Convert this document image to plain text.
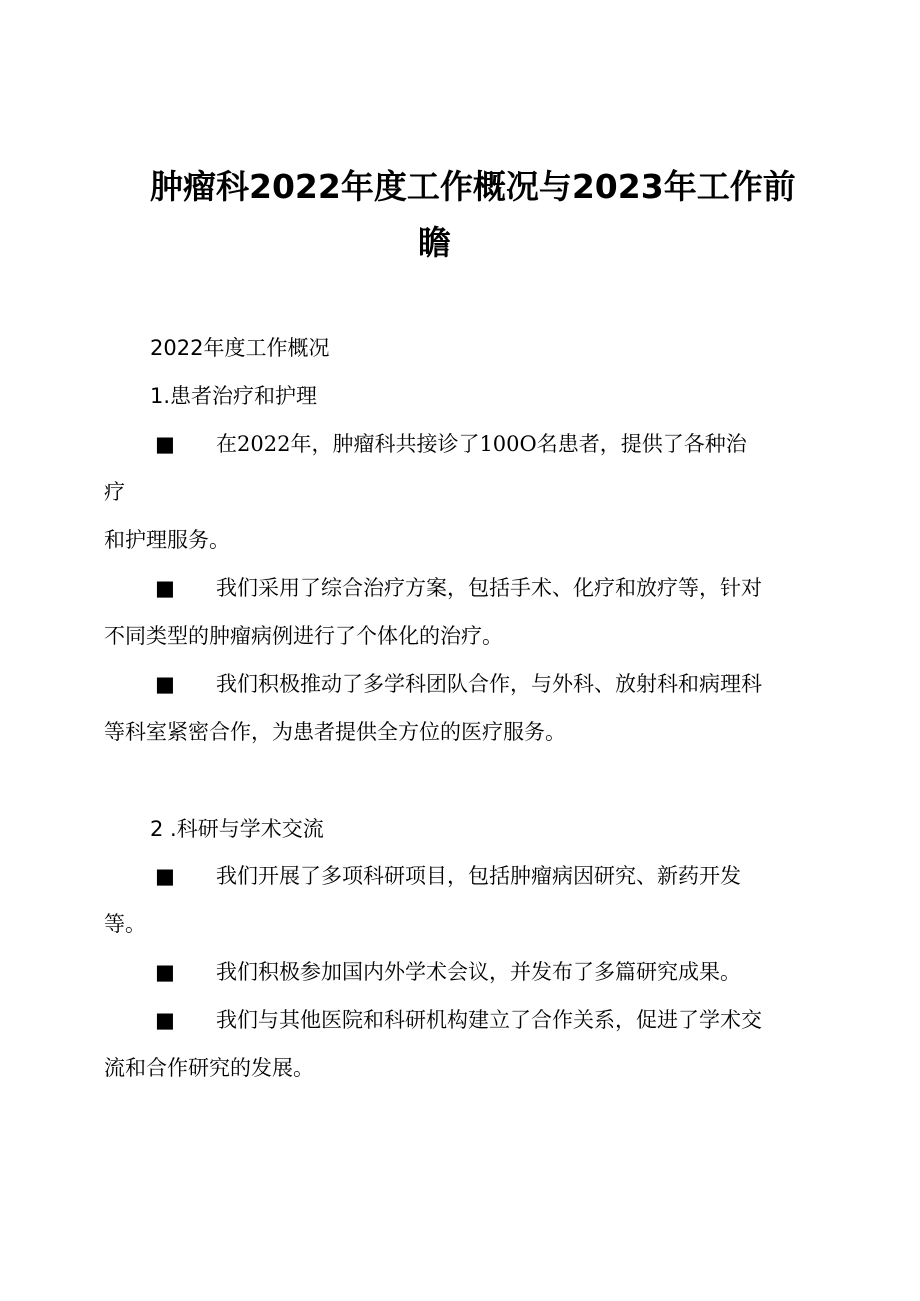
肿瘤科2022年度工作概况与2023年工作前
瞻
2022年度工作概况
1.患者治疗和护理
■ 在2022年，肿瘤科共接诊了100O名患者，提供了各种治
疗
和护理服务。
■ 我们采用了综合治疗方案，包括手术、化疗和放疗等，针对
不同类型的肿瘤病例进行了个体化的治疗。
■ 我们积极推动了多学科团队合作，与外科、放射科和病理科
等科室紧密合作，为患者提供全方位的医疗服务。
2 .科研与学术交流
■ 我们开展了多项科研项目，包括肿瘤病因研究、新药开发
等。
■ 我们积极参加国内外学术会议，并发布了多篇研究成果。
■ 我们与其他医院和科研机构建立了合作关系，促进了学术交
流和合作研究的发展。
